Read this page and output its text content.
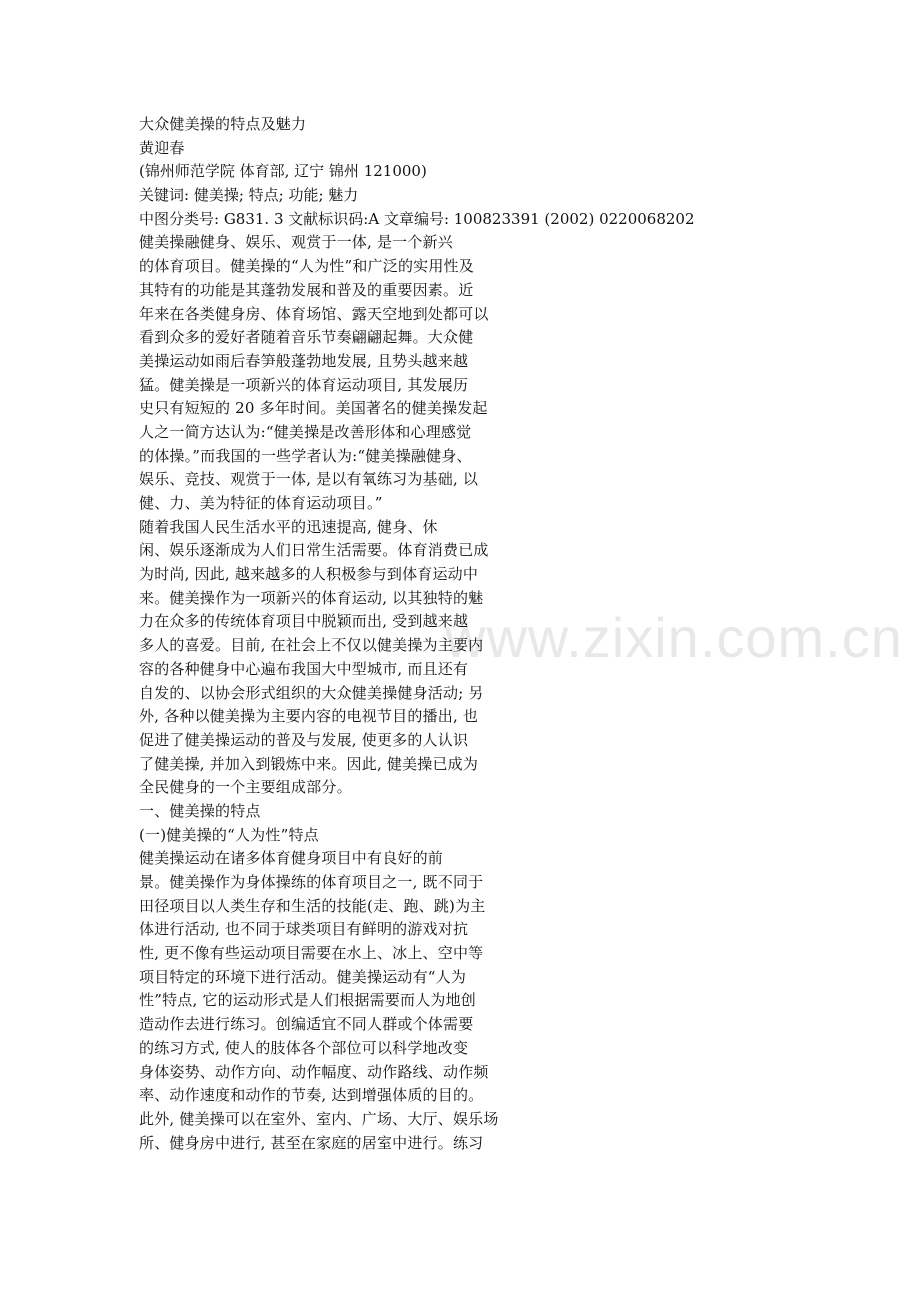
www.zixin.com.cn
大众健美操的特点及魅力
黄迎春
(锦州师范学院 体育部, 辽宁 锦州 121000)
关键词: 健美操; 特点; 功能; 魅力
中图分类号: G831. 3 文献标识码:A 文章编号: 100823391 (2002) 0220068202
健美操融健身、娱乐、观赏于一体, 是一个新兴
的体育项目。健美操的“人为性”和广泛的实用性及
其特有的功能是其蓬勃发展和普及的重要因素。近
年来在各类健身房、体育场馆、露天空地到处都可以
看到众多的爱好者随着音乐节奏翩翩起舞。大众健
美操运动如雨后春笋般蓬勃地发展, 且势头越来越
猛。健美操是一项新兴的体育运动项目, 其发展历
史只有短短的 20 多年时间。美国著名的健美操发起
人之一简方达认为:“健美操是改善形体和心理感觉
的体操。”而我国的一些学者认为:“健美操融健身、
娱乐、竞技、观赏于一体, 是以有氧练习为基础, 以
健、力、美为特征的体育运动项目。”
随着我国人民生活水平的迅速提高, 健身、休
闲、娱乐逐渐成为人们日常生活需要。体育消费已成
为时尚, 因此, 越来越多的人积极参与到体育运动中
来。健美操作为一项新兴的体育运动, 以其独特的魅
力在众多的传统体育项目中脱颖而出, 受到越来越
多人的喜爱。目前, 在社会上不仅以健美操为主要内
容的各种健身中心遍布我国大中型城市, 而且还有
自发的、以协会形式组织的大众健美操健身活动; 另
外, 各种以健美操为主要内容的电视节目的播出, 也
促进了健美操运动的普及与发展, 使更多的人认识
了健美操, 并加入到锻炼中来。因此, 健美操已成为
全民健身的一个主要组成部分。
一、健美操的特点
(一)健美操的“人为性”特点
健美操运动在诸多体育健身项目中有良好的前
景。健美操作为身体操练的体育项目之一, 既不同于
田径项目以人类生存和生活的技能(走、跑、跳)为主
体进行活动, 也不同于球类项目有鲜明的游戏对抗
性, 更不像有些运动项目需要在水上、冰上、空中等
项目特定的环境下进行活动。健美操运动有“人为
性”特点, 它的运动形式是人们根据需要而人为地创
造动作去进行练习。创编适宜不同人群或个体需要
的练习方式, 使人的肢体各个部位可以科学地改变
身体姿势、动作方向、动作幅度、动作路线、动作频
率、动作速度和动作的节奏, 达到增强体质的目的。
此外, 健美操可以在室外、室内、广场、大厅、娱乐场
所、健身房中进行, 甚至在家庭的居室中进行。练习
